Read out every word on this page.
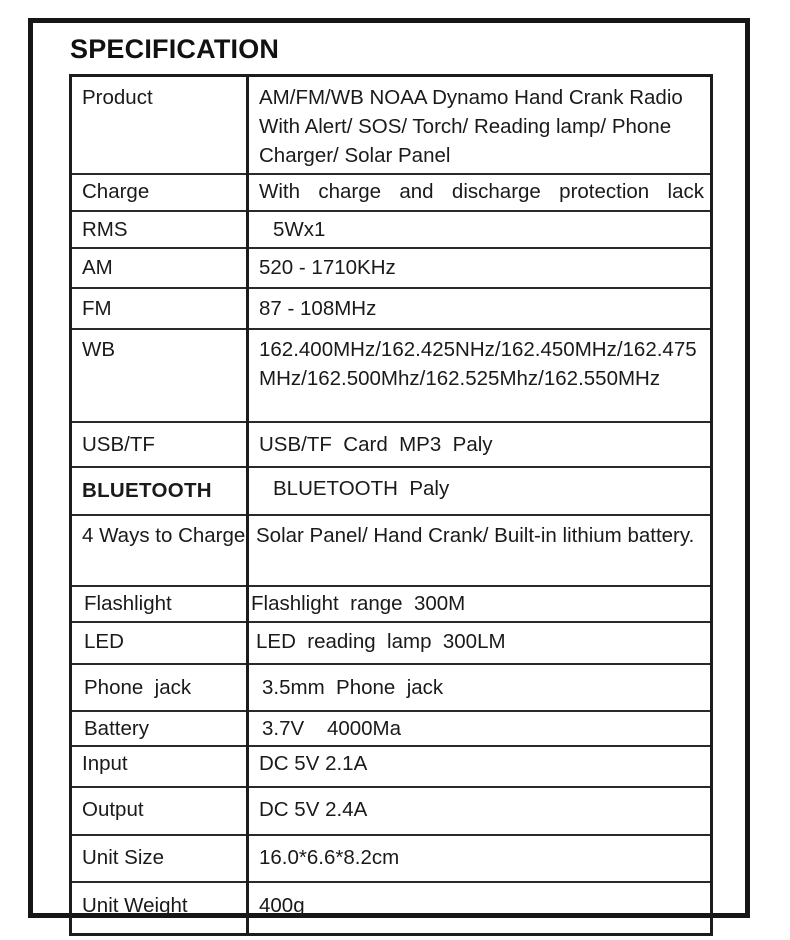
SPECIFICATION
Product	AM/FM/WB NOAA Dynamo Hand Crank Radio With Alert/ SOS/ Torch/ Reading lamp/ Phone Charger/ Solar Panel
Charge	With charge and discharge protection lack
RMS	5Wx1
AM	520 - 1710KHz
FM	87 - 108MHz
WB	162.400MHz/162.425NHz/162.450MHz/162.475MHz/162.500Mhz/162.525Mhz/162.550MHz
USB/TF	USB/TF  Card  MP3  Paly
BLUETOOTH	BLUETOOTH  Paly
4 Ways to Charge	Solar Panel/ Hand Crank/ Built-in lithium battery.
Flashlight	Flashlight  range  300M
LED	LED  reading  lamp  300LM
Phone  jack	3.5mm  Phone  jack
Battery	3.7V    4000Ma
Input	DC 5V 2.1A
Output	DC 5V 2.4A
Unit Size	16.0*6.6*8.2cm
Unit Weight	400g
